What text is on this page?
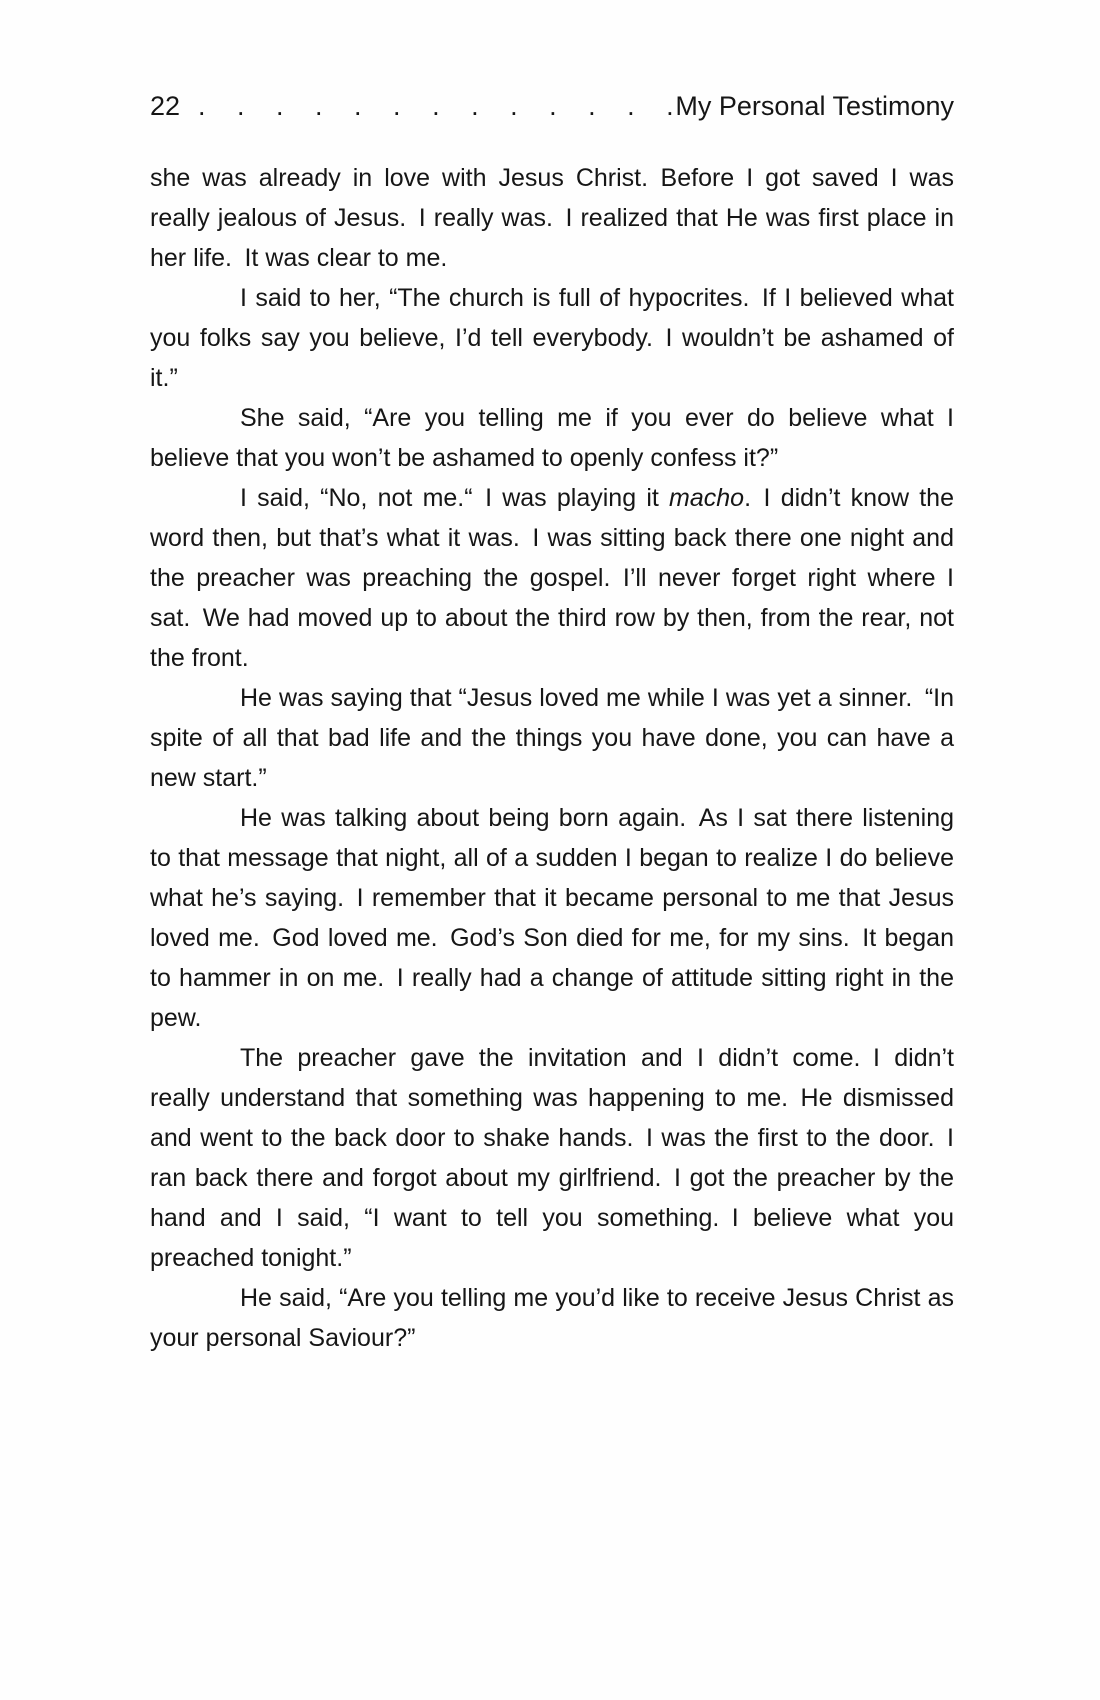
22 . . . . . . . . . . . . . My Personal Testimony

she was already in love with Jesus Christ. Before I got saved I was really jealous of Jesus. I really was. I realized that He was first place in her life. It was clear to me.

I said to her, “The church is full of hypocrites. If I believed what you folks say you believe, I’d tell everybody. I wouldn’t be ashamed of it.”

She said, “Are you telling me if you ever do believe what I believe that you won’t be ashamed to openly confess it?”

I said, “No, not me.“ I was playing it macho. I didn’t know the word then, but that’s what it was. I was sitting back there one night and the preacher was preaching the gospel. I’ll never forget right where I sat. We had moved up to about the third row by then, from the rear, not the front.

He was saying that “Jesus loved me while I was yet a sinner. “In spite of all that bad life and the things you have done, you can have a new start.”

He was talking about being born again. As I sat there listening to that message that night, all of a sudden I began to realize I do believe what he’s saying. I remember that it became personal to me that Jesus loved me. God loved me. God’s Son died for me, for my sins. It began to hammer in on me. I really had a change of attitude sitting right in the pew.

The preacher gave the invitation and I didn’t come. I didn’t really understand that something was happening to me. He dismissed and went to the back door to shake hands. I was the first to the door. I ran back there and forgot about my girlfriend. I got the preacher by the hand and I said, “I want to tell you something. I believe what you preached tonight.”

He said, “Are you telling me you’d like to receive Jesus Christ as your personal Saviour?”
